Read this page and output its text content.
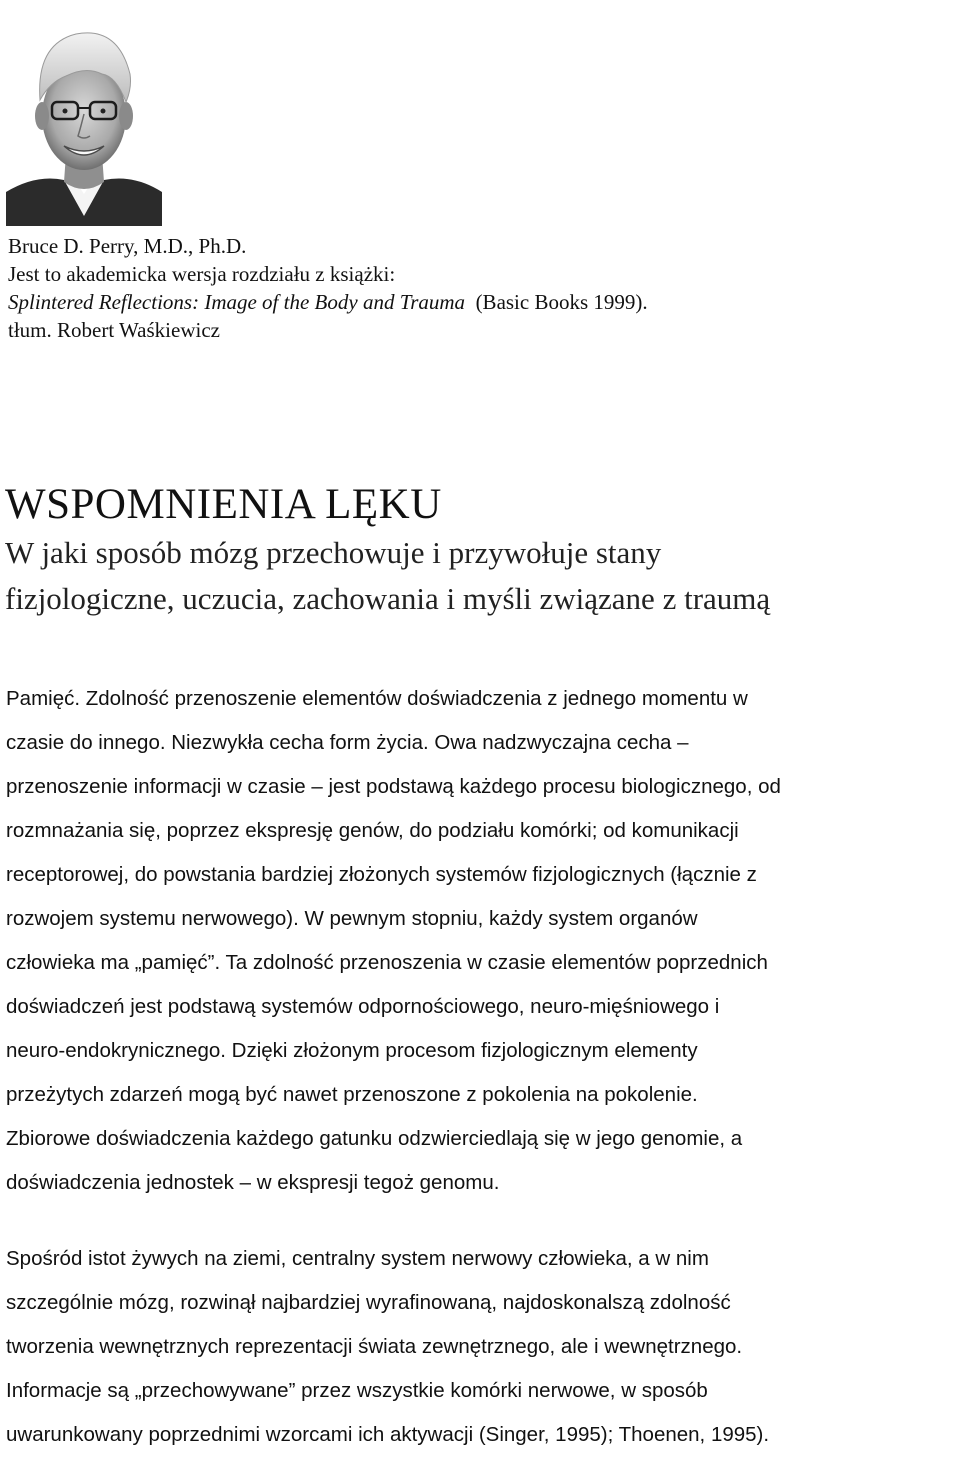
Bruce D. Perry, M.D., Ph.D.
Jest to akademicka wersja rozdziału z książki:
Splintered Reflections: Image of the Body and Trauma (Basic Books 1999).
tłum. Robert Waśkiewicz
WSPOMNIENIA LĘKU
W jaki sposób mózg przechowuje i przywołuje stany
fizjologiczne, uczucia, zachowania i myśli związane z traumą
Pamięć. Zdolność przenoszenie elementów doświadczenia z jednego momentu w
czasie do innego. Niezwykła cecha form życia. Owa nadzwyczajna cecha –
przenoszenie informacji w czasie – jest podstawą każdego procesu biologicznego, od
rozmnażania się, poprzez ekspresję genów, do podziału komórki; od komunikacji
receptorowej, do powstania bardziej złożonych systemów fizjologicznych (łącznie z
rozwojem systemu nerwowego). W pewnym stopniu, każdy system organów
człowieka ma „pamięć”. Ta zdolność przenoszenia w czasie elementów poprzednich
doświadczeń jest podstawą systemów odpornościowego, neuro-mięśniowego i
neuro-endokrynicznego. Dzięki złożonym procesom fizjologicznym elementy
przeżytych zdarzeń mogą być nawet przenoszone z pokolenia na pokolenie.
Zbiorowe doświadczenia każdego gatunku odzwierciedlają się w jego genomie, a
doświadczenia jednostek – w ekspresji tegoż genomu.
Spośród istot żywych na ziemi, centralny system nerwowy człowieka, a w nim
szczególnie mózg, rozwinął najbardziej wyrafinowaną, najdoskonalszą zdolność
tworzenia wewnętrznych reprezentacji świata zewnętrznego, ale i wewnętrznego.
Informacje są „przechowywane” przez wszystkie komórki nerwowe, w sposób
uwarunkowany poprzednimi wzorcami ich aktywacji (Singer, 1995); Thoenen, 1995).
